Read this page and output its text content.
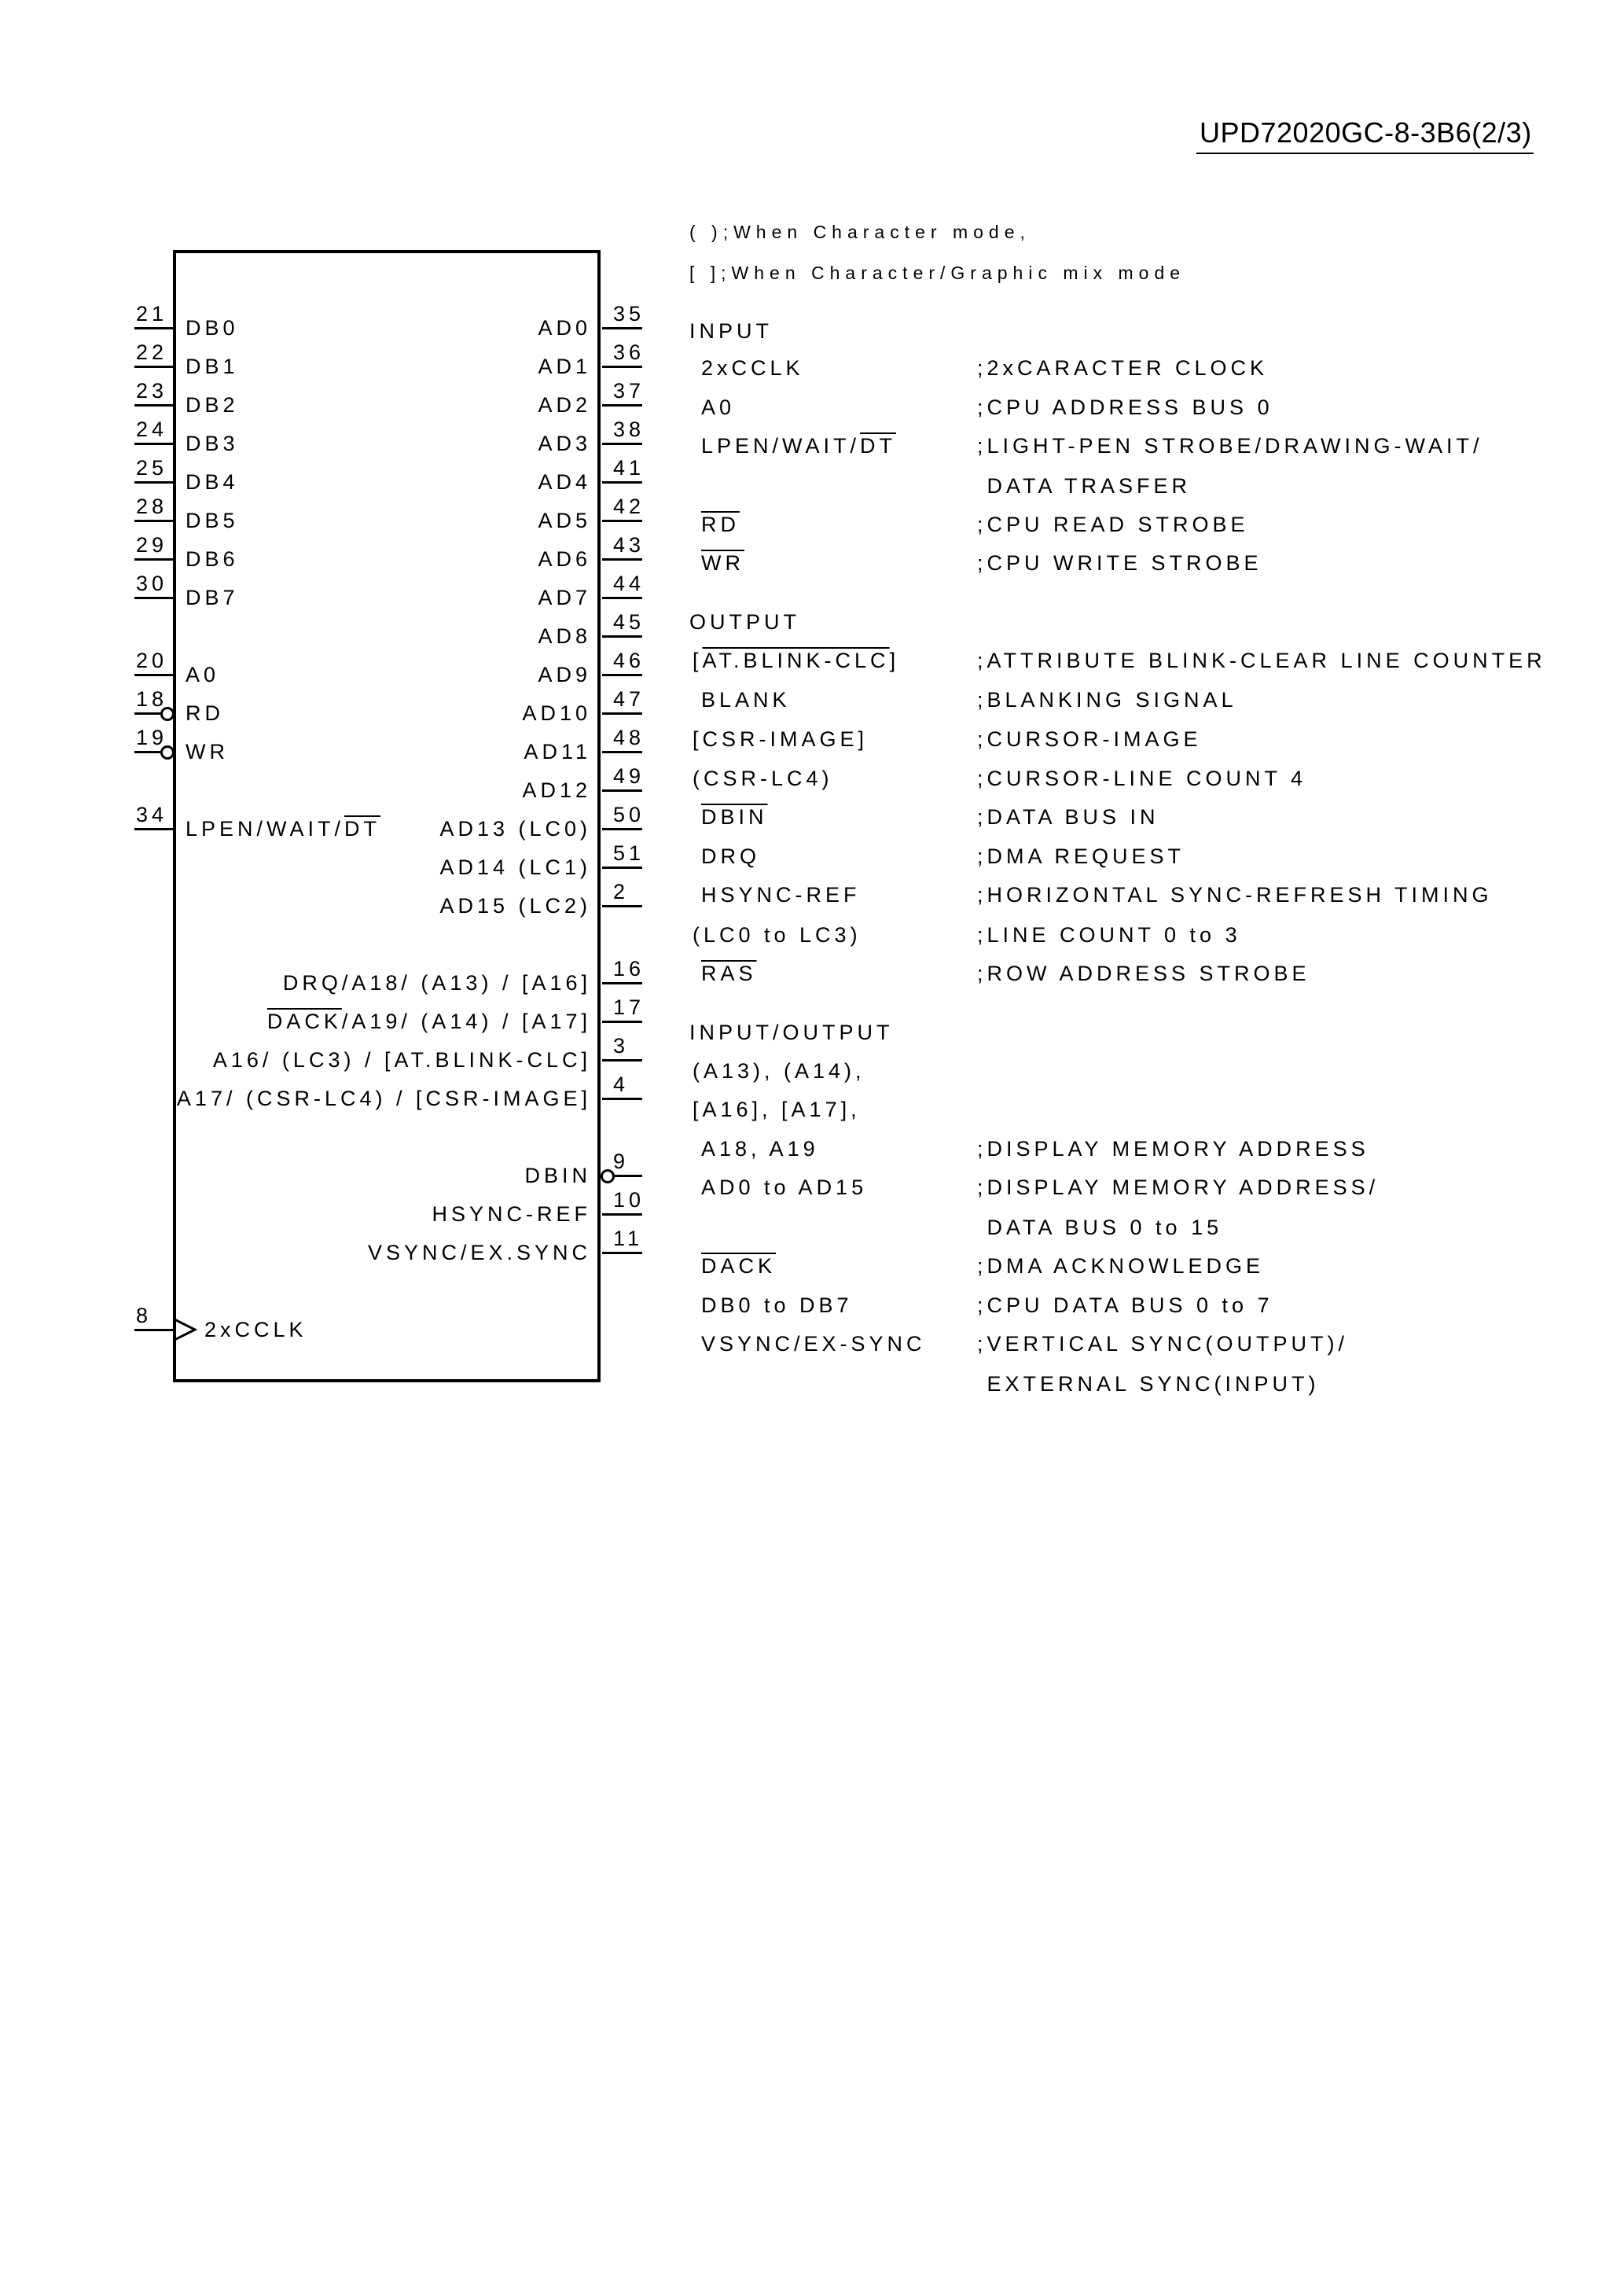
UPD72020GC-8-3B6(2/3)
21
DB0
22
DB1
23
DB2
24
DB3
25
DB4
28
DB5
29
DB6
30
DB7
20
A0
18
RD
19
WR
34
LPEN/$WAIT/\overline{DT}$
8
2xCCLK
35
AD0
36
AD1
37
AD2
38
AD3
41
AD4
42
AD5
43
AD6
44
AD7
45
AD8
46
AD9
47
AD10
48
AD11
49
AD12
50
AD13 (LC0)
51
AD14 (LC1)
2
AD15 (LC2)
16
DRQ/A18/ (A13) / [A16]
17
DACK/A19/ (A14) / [A17]
3
A16/ (LC3) / [AT.BLINK-CLC]
4
A17/ (CSR-LC4) / [CSR-IMAGE]
9
DBIN
10
HSYNC-REF
11
VSYNC/EX.SYNC
( );When Character mode,
[ ];When Character/Graphic mix mode
INPUT
2xCCLK	;2xCARACTER CLOCK
A0	;CPU ADDRESS BUS 0
LPEN/$WAIT/\overline{DT}$	;LIGHT-PEN STROBE/DRAWING-WAIT/
DATA TRASFER
$\overline{RD}$	;CPU READ STROBE
$\overline{WR}$	;CPU WRITE STROBE
OUTPUT
$[AT.BLINK-\overline{CLC}]$	;ATTRIBUTE BLINK-CLEAR LINE COUNTER
BLANK	;BLANKING SIGNAL
[CSR-IMAGE]	;CURSOR-IMAGE
(CSR-LC4)	;CURSOR-LINE COUNT 4
DBIN	;DATA BUS IN
DRQ	;DMA REQUEST
HSYNC-REF	;HORIZONTAL SYNC-REFRESH TIMING
(LC0 to LC3)	;LINE COUNT 0 to 3
$\overline{RAS}$	;ROW ADDRESS STROBE
INPUT/OUTPUT
(A13), (A14),
[A16], [A17],
A18, A19	;DISPLAY MEMORY ADDRESS
AD0 to AD15	;DISPLAY MEMORY ADDRESS/
DATA BUS 0 to 15
DACK	;DMA ACKNOWLEDGE
DB0 to DB7	;CPU DATA BUS 0 to 7
VSYNC/EX-SYNC ;VERTICAL SYNC(OUTPUT)/
EXTERNAL SYNC(INPUT)
